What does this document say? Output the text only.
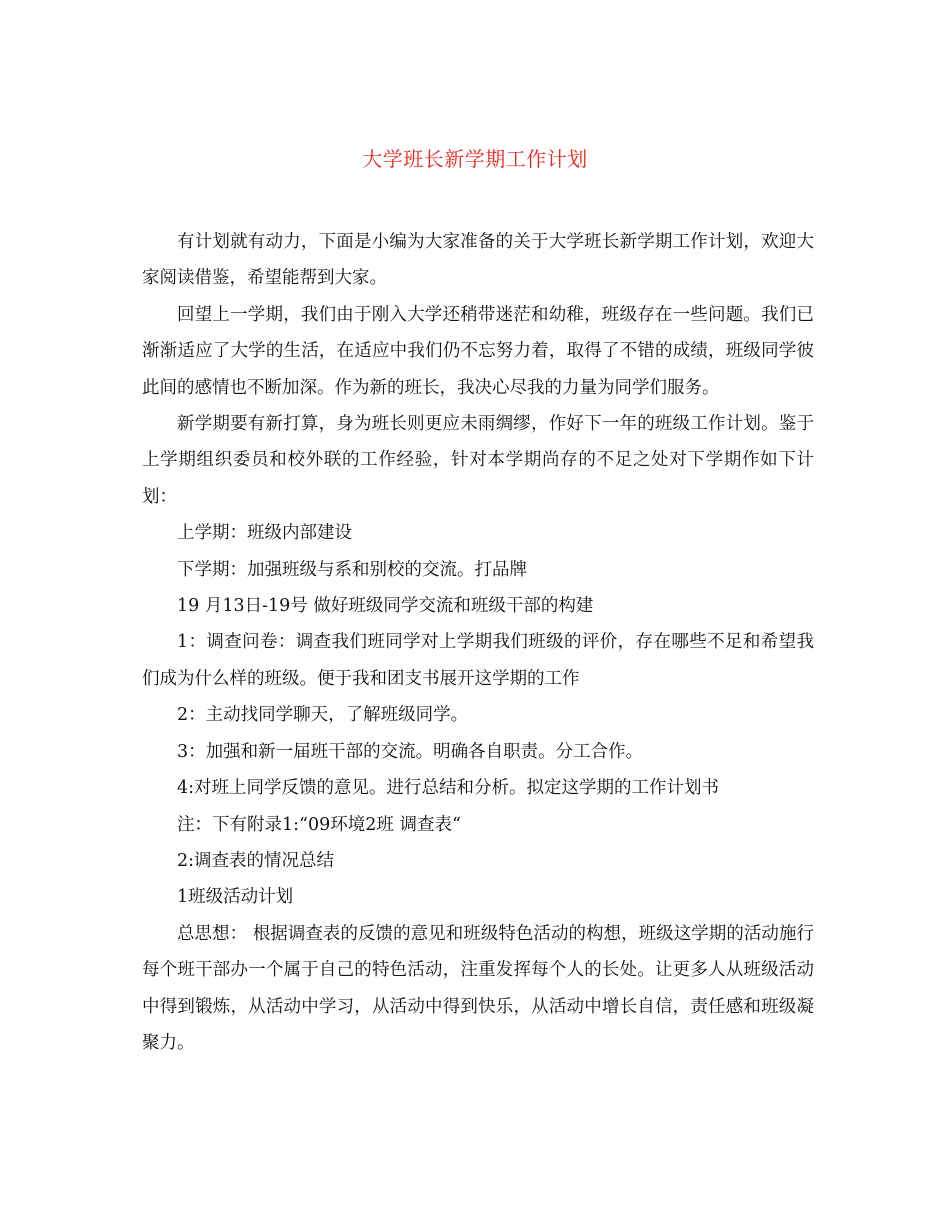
大学班长新学期工作计划

有计划就有动力，下面是小编为大家准备的关于大学班长新学期工作计划，欢迎大家阅读借鉴，希望能帮到大家。

回望上一学期，我们由于刚入大学还稍带迷茫和幼稚，班级存在一些问题。我们已渐渐适应了大学的生活，在适应中我们仍不忘努力着，取得了不错的成绩，班级同学彼此间的感情也不断加深。作为新的班长，我决心尽我的力量为同学们服务。

新学期要有新打算，身为班长则更应未雨绸缪，作好下一年的班级工作计划。鉴于上学期组织委员和校外联的工作经验，针对本学期尚存的不足之处对下学期作如下计划：

上学期：班级内部建设

下学期：加强班级与系和别校的交流。打品牌

19 月13日-19号 做好班级同学交流和班级干部的构建

1：调查问卷：调查我们班同学对上学期我们班级的评价，存在哪些不足和希望我们成为什么样的班级。便于我和团支书展开这学期的工作

2：主动找同学聊天，了解班级同学。

3：加强和新一届班干部的交流。明确各自职责。分工合作。

4:对班上同学反馈的意见。进行总结和分析。拟定这学期的工作计划书

注：下有附录1:“09环境2班 调查表“

2:调查表的情况总结

1班级活动计划

总思想： 根据调查表的反馈的意见和班级特色活动的构想，班级这学期的活动施行每个班干部办一个属于自己的特色活动，注重发挥每个人的长处。让更多人从班级活动中得到锻炼，从活动中学习，从活动中得到快乐，从活动中增长自信，责任感和班级凝聚力。
